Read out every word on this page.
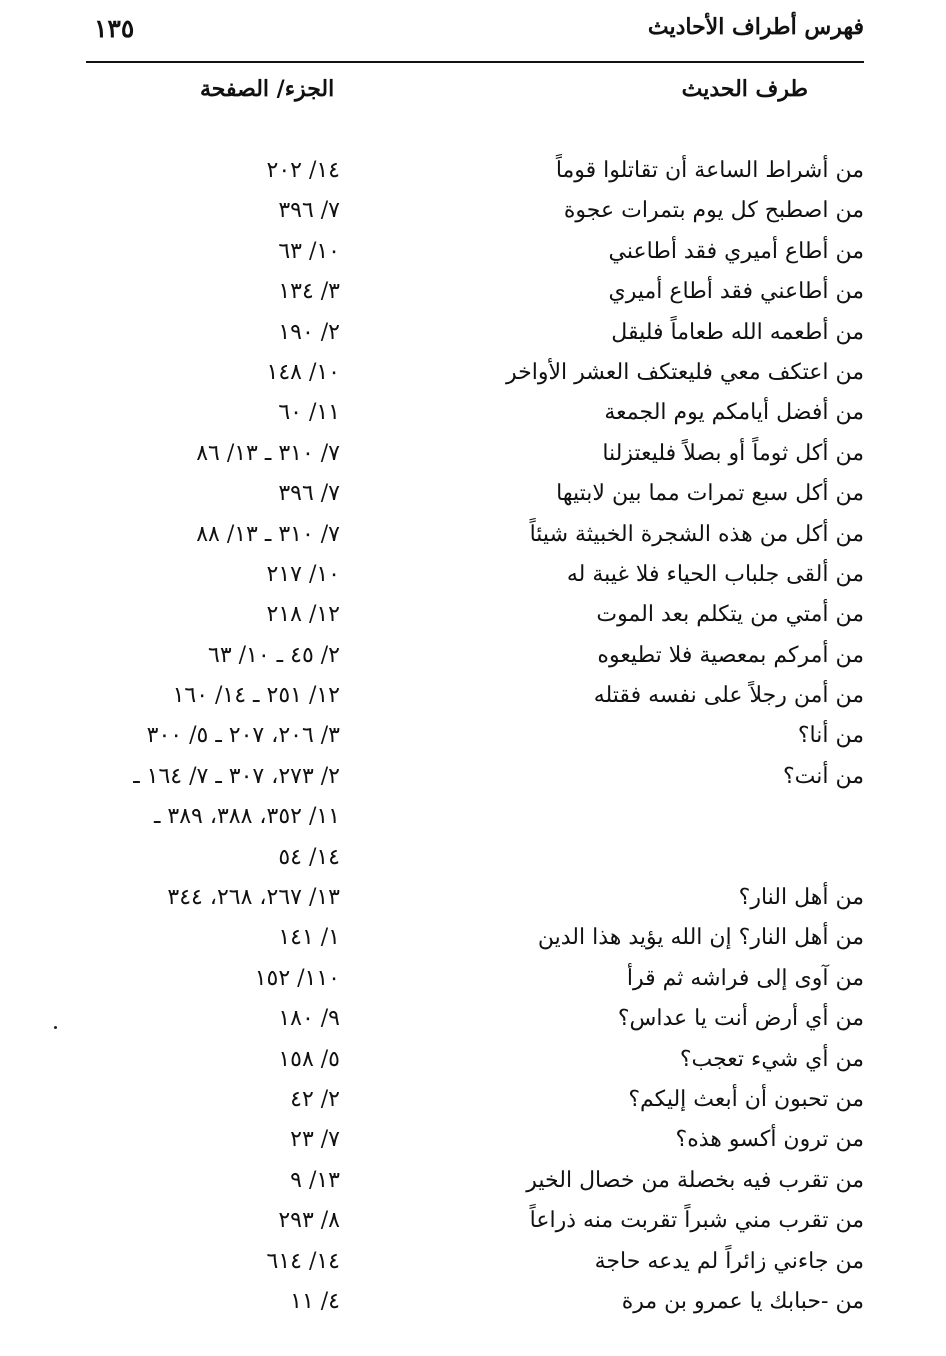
فهرس أطراف الأحاديث
١٣٥
طرف الحديث
الجزء/ الصفحة
من أشراط الساعة أن تقاتلوا قوماً
١٤/ ٢٠٢
من اصطبح كل يوم بتمرات عجوة
٧/ ٣٩٦
من أطاع أميري فقد أطاعني
١٠/ ٦٣
من أطاعني فقد أطاع أميري
٣/ ١٣٤
من أطعمه الله طعاماً فليقل
٢/ ١٩٠
من اعتكف معي فليعتكف العشر الأواخر
١٠/ ١٤٨
من أفضل أيامكم يوم الجمعة
١١/ ٦٠
من أكل ثوماً أو بصلاً فليعتزلنا
٧/ ٣١٠ ـ ١٣/ ٨٦
من أكل سبع تمرات مما بين لابتيها
٧/ ٣٩٦
من أكل من هذه الشجرة الخبيثة شيئاً
٧/ ٣١٠ ـ ١٣/ ٨٨
من ألقى جلباب الحياء فلا غيبة له
١٠/ ٢١٧
من أمتي من يتكلم بعد الموت
١٢/ ٢١٨
من أمركم بمعصية فلا تطيعوه
٢/ ٤٥ ـ ١٠/ ٦٣
من أمن رجلاً على نفسه فقتله
١٢/ ٢٥١ ـ ١٤/ ١٦٠
من أنا؟
٣/ ٢٠٦، ٢٠٧ ـ ٥/ ٣٠٠
من أنت؟
٢/ ٢٧٣، ٣٠٧ ـ ٧/ ١٦٤ ـ
١١/ ٣٥٢، ٣٨٨، ٣٨٩ ـ
١٤/ ٥٤
من أهل النار؟
١٣/ ٢٦٧، ٢٦٨، ٣٤٤
من أهل النار؟ إن الله يؤيد هذا الدين
١/ ١٤١
من آوى إلى فراشه ثم قرأ
١١٠/ ١٥٢
من أي أرض أنت يا عداس؟
٩/ ١٨٠
من أي شيء تعجب؟
٥/ ١٥٨
من تحبون أن أبعث إليكم؟
٢/ ٤٢
من ترون أكسو هذه؟
٧/ ٢٣
من تقرب فيه بخصلة من خصال الخير
١٣/ ٩
من تقرب مني شبراً تقربت منه ذراعاً
٨/ ٢٩٣
من جاءني زائراً لم يدعه حاجة
١٤/ ٦١٤
من -حبابك يا عمرو بن مرة
٤/ ١١
